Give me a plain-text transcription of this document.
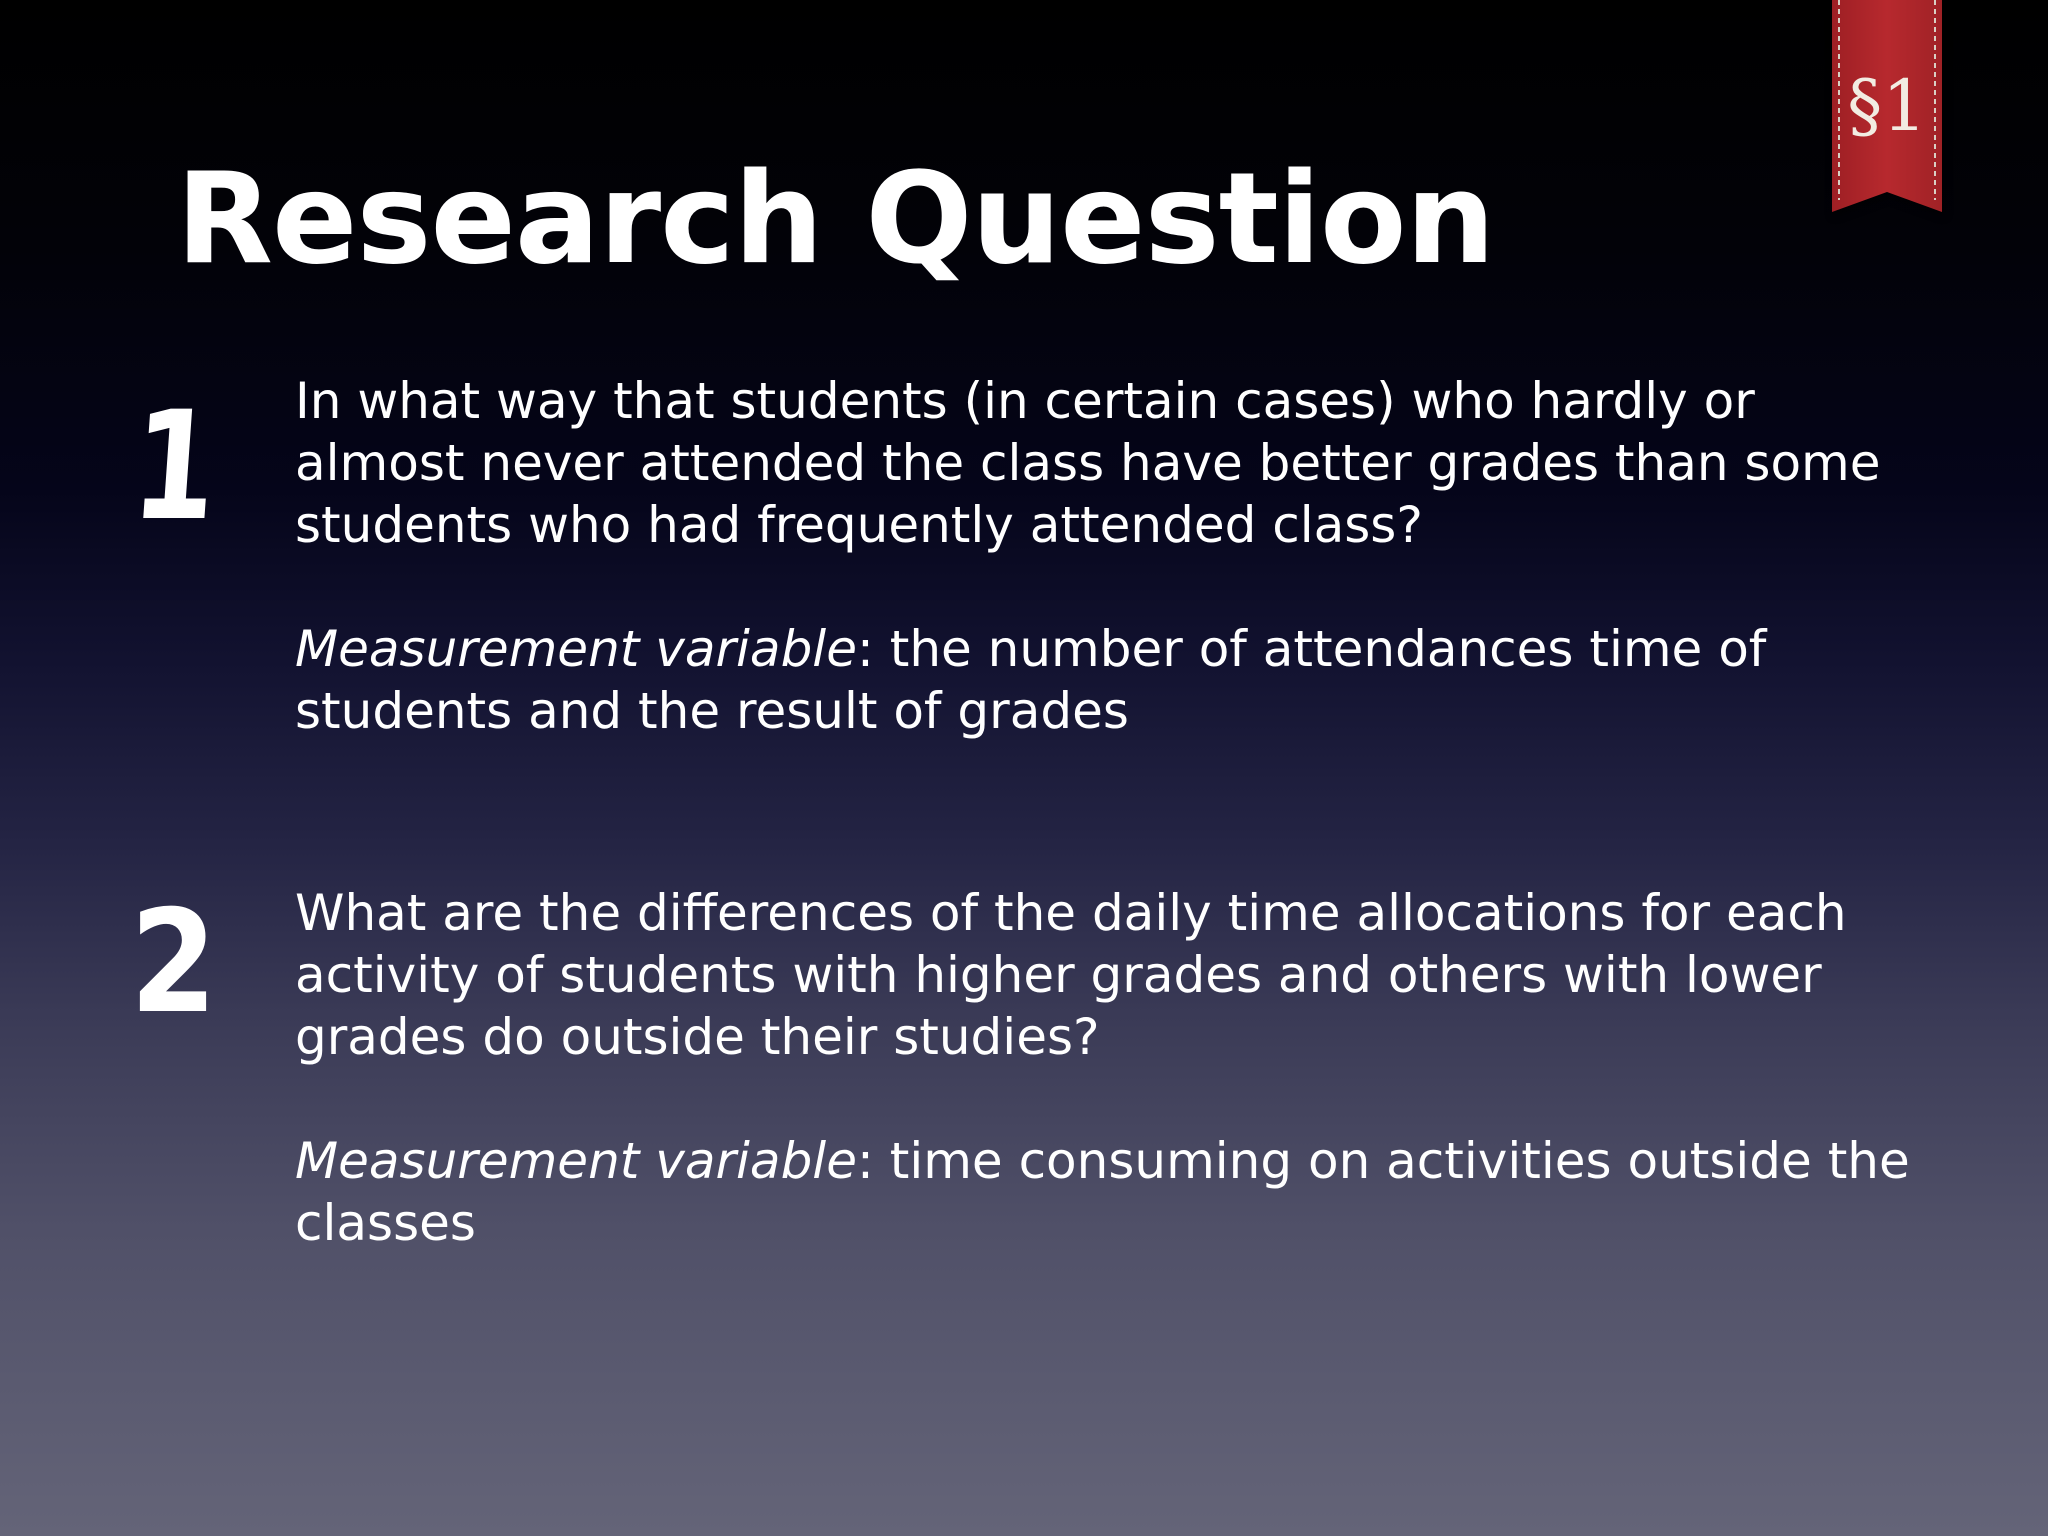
Research Question
§1
1 In what way that students (in certain cases) who hardly or almost never attended the class have better grades than some students who had frequently attended class?

Measurement variable: the number of attendances time of students and the result of grades

2 What are the differences of the daily time allocations for each activity of students with higher grades and others with lower grades do outside their studies?

Measurement variable: time consuming on activities outside the classes
